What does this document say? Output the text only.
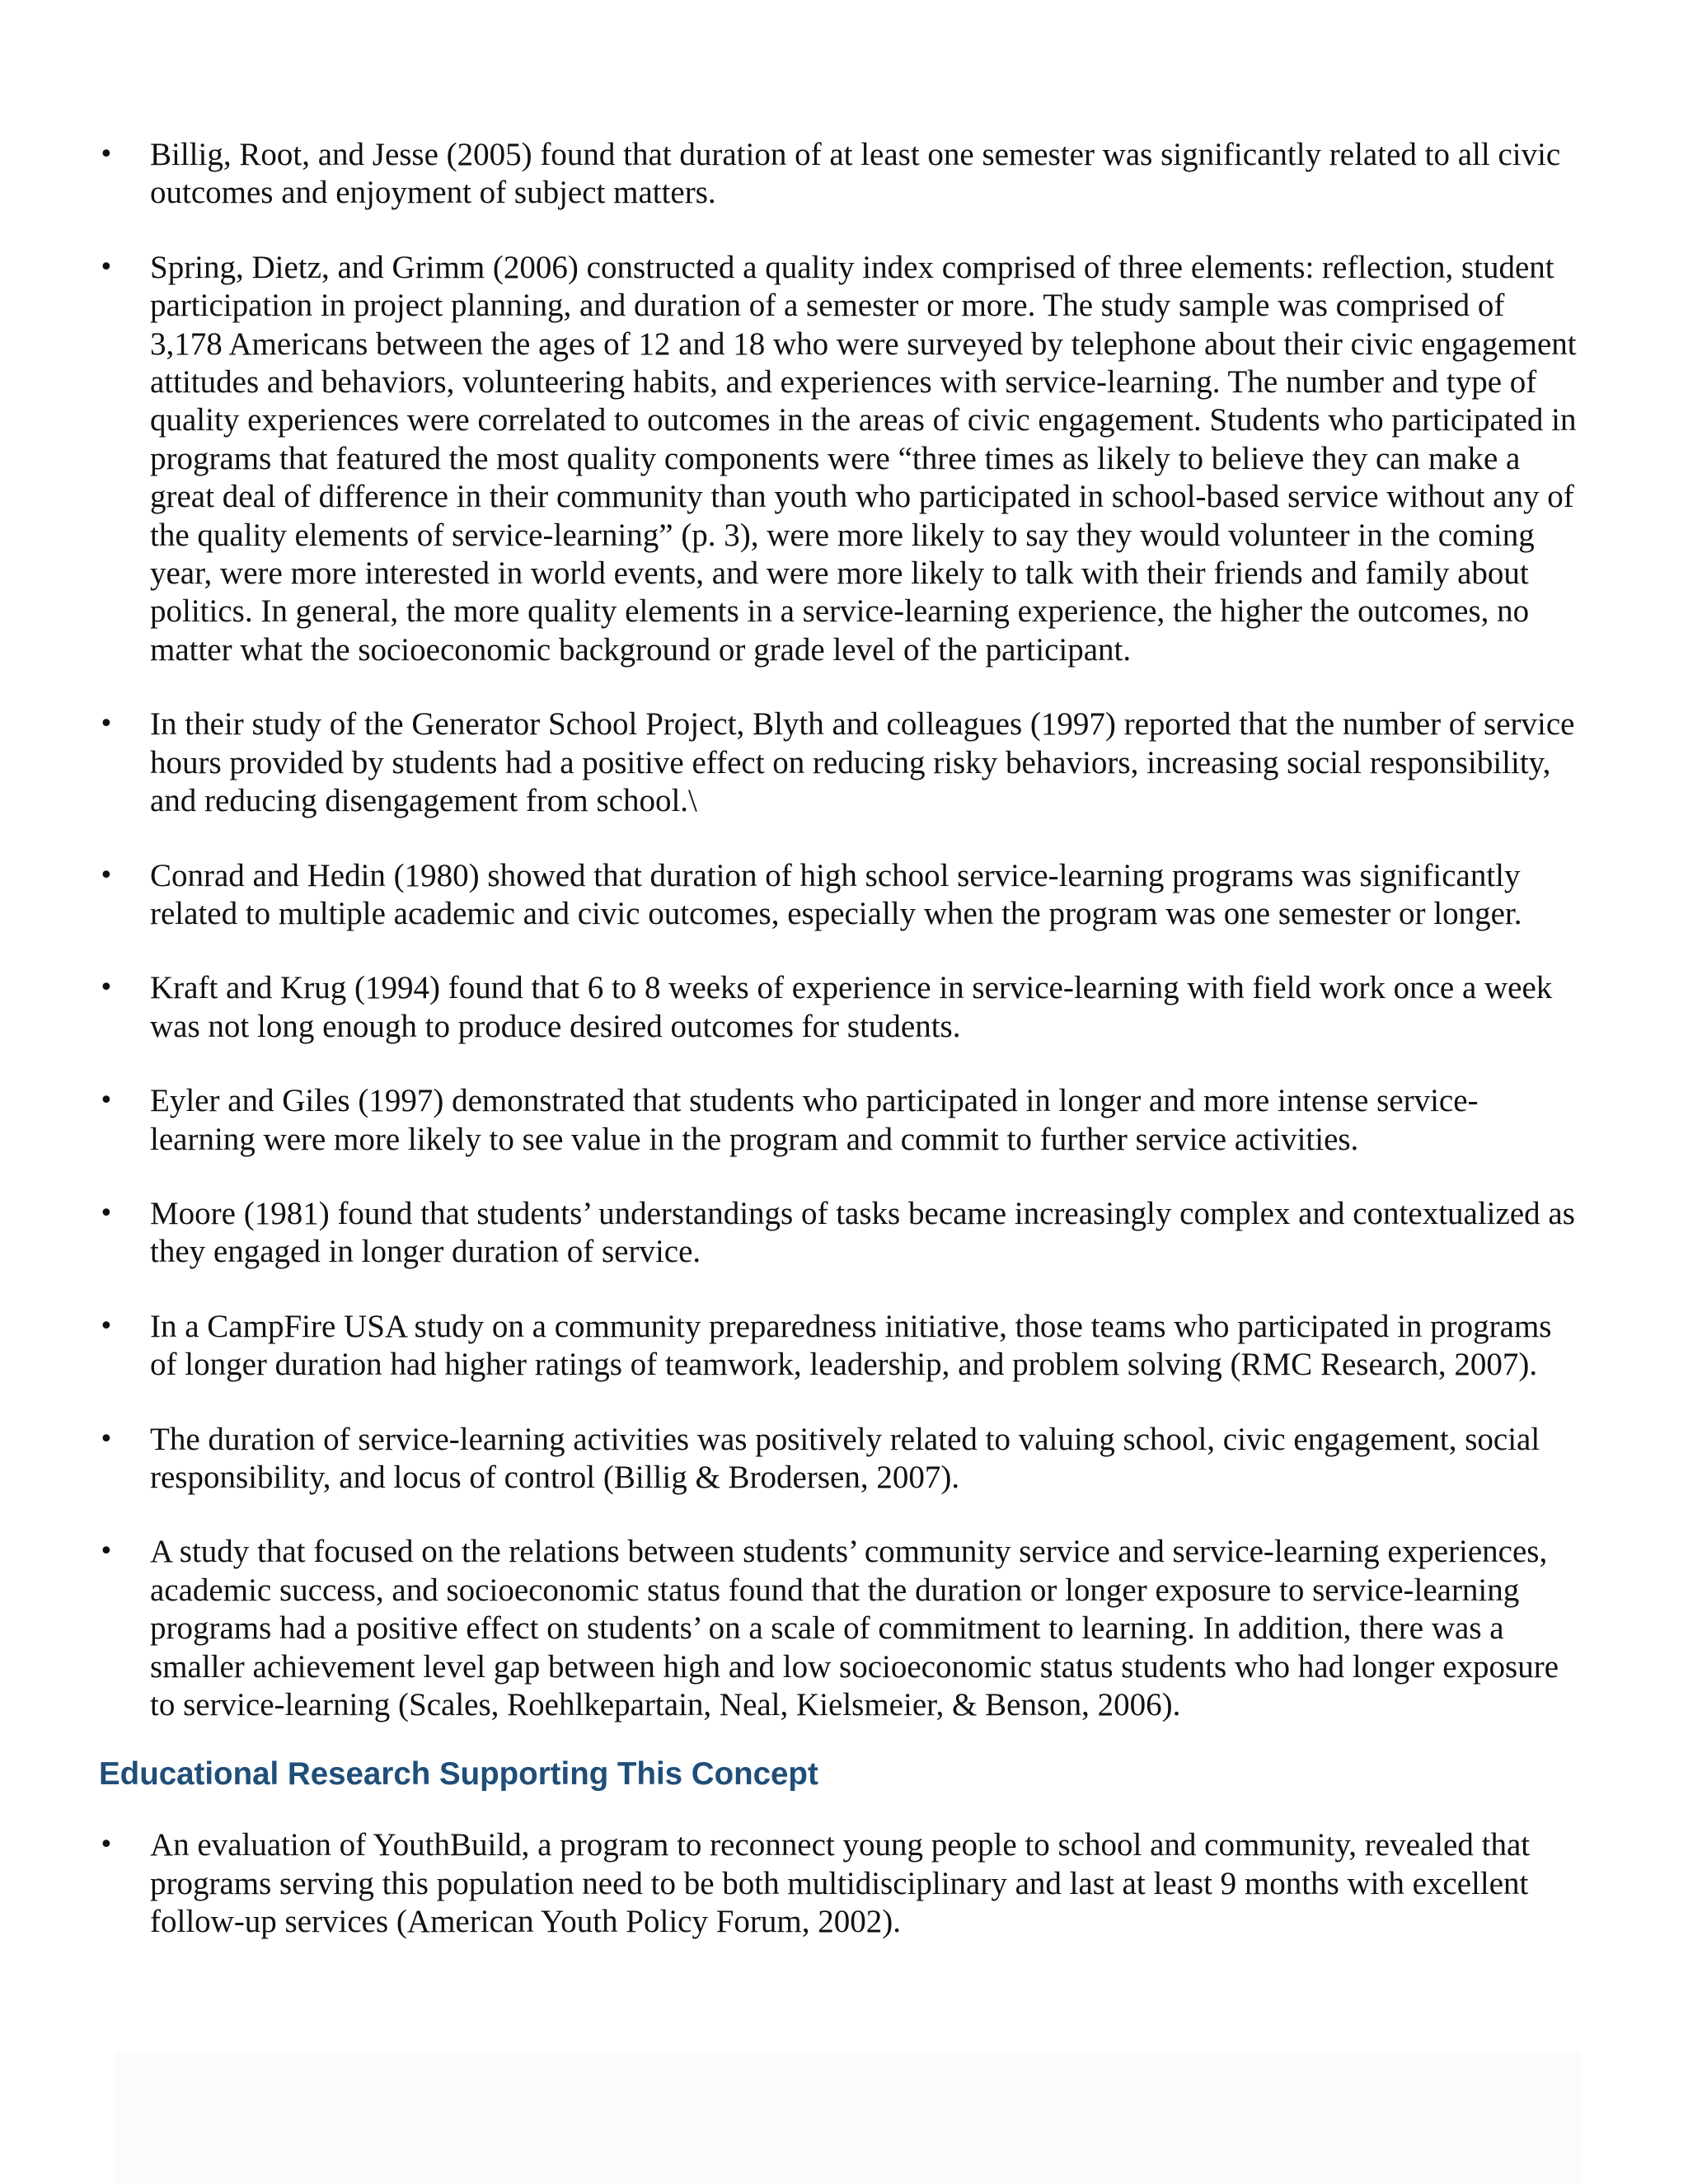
• Billig, Root, and Jesse (2005) found that duration of at least one semester was significantly related to all civic outcomes and enjoyment of subject matters.
• Spring, Dietz, and Grimm (2006) constructed a quality index comprised of three elements: reflection, student participation in project planning, and duration of a semester or more. The study sample was comprised of 3,178 Americans between the ages of 12 and 18 who were surveyed by telephone about their civic engagement attitudes and behaviors, volunteering habits, and experiences with service-learning. The number and type of quality experiences were correlated to outcomes in the areas of civic engagement. Students who participated in programs that featured the most quality components were “three times as likely to believe they can make a great deal of difference in their community than youth who participated in school-based service without any of the quality elements of service-learning” (p. 3), were more likely to say they would volunteer in the coming year, were more interested in world events, and were more likely to talk with their friends and family about politics. In general, the more quality elements in a service-learning experience, the higher the outcomes, no matter what the socioeconomic background or grade level of the participant.
• In their study of the Generator School Project, Blyth and colleagues (1997) reported that the number of service hours provided by students had a positive effect on reducing risky behaviors, increasing social responsibility, and reducing disengagement from school.\
• Conrad and Hedin (1980) showed that duration of high school service-learning programs was significantly related to multiple academic and civic outcomes, especially when the program was one semester or longer.
• Kraft and Krug (1994) found that 6 to 8 weeks of experience in service-learning with field work once a week was not long enough to produce desired outcomes for students.
• Eyler and Giles (1997) demonstrated that students who participated in longer and more intense service-learning were more likely to see value in the program and commit to further service activities.
• Moore (1981) found that students’ understandings of tasks became increasingly complex and contextualized as they engaged in longer duration of service.
• In a CampFire USA study on a community preparedness initiative, those teams who participated in programs of longer duration had higher ratings of teamwork, leadership, and problem solving (RMC Research, 2007).
• The duration of service-learning activities was positively related to valuing school, civic engagement, social responsibility, and locus of control (Billig & Brodersen, 2007).
• A study that focused on the relations between students’ community service and service-learning experiences, academic success, and socioeconomic status found that the duration or longer exposure to service-learning programs had a positive effect on students’ on a scale of commitment to learning. In addition, there was a smaller achievement level gap between high and low socioeconomic status students who had longer exposure to service-learning (Scales, Roehlkepartain, Neal, Kielsmeier, & Benson, 2006).
Educational Research Supporting This Concept
• An evaluation of YouthBuild, a program to reconnect young people to school and community, revealed that programs serving this population need to be both multidisciplinary and last at least 9 months with excellent follow-up services (American Youth Policy Forum, 2002).
